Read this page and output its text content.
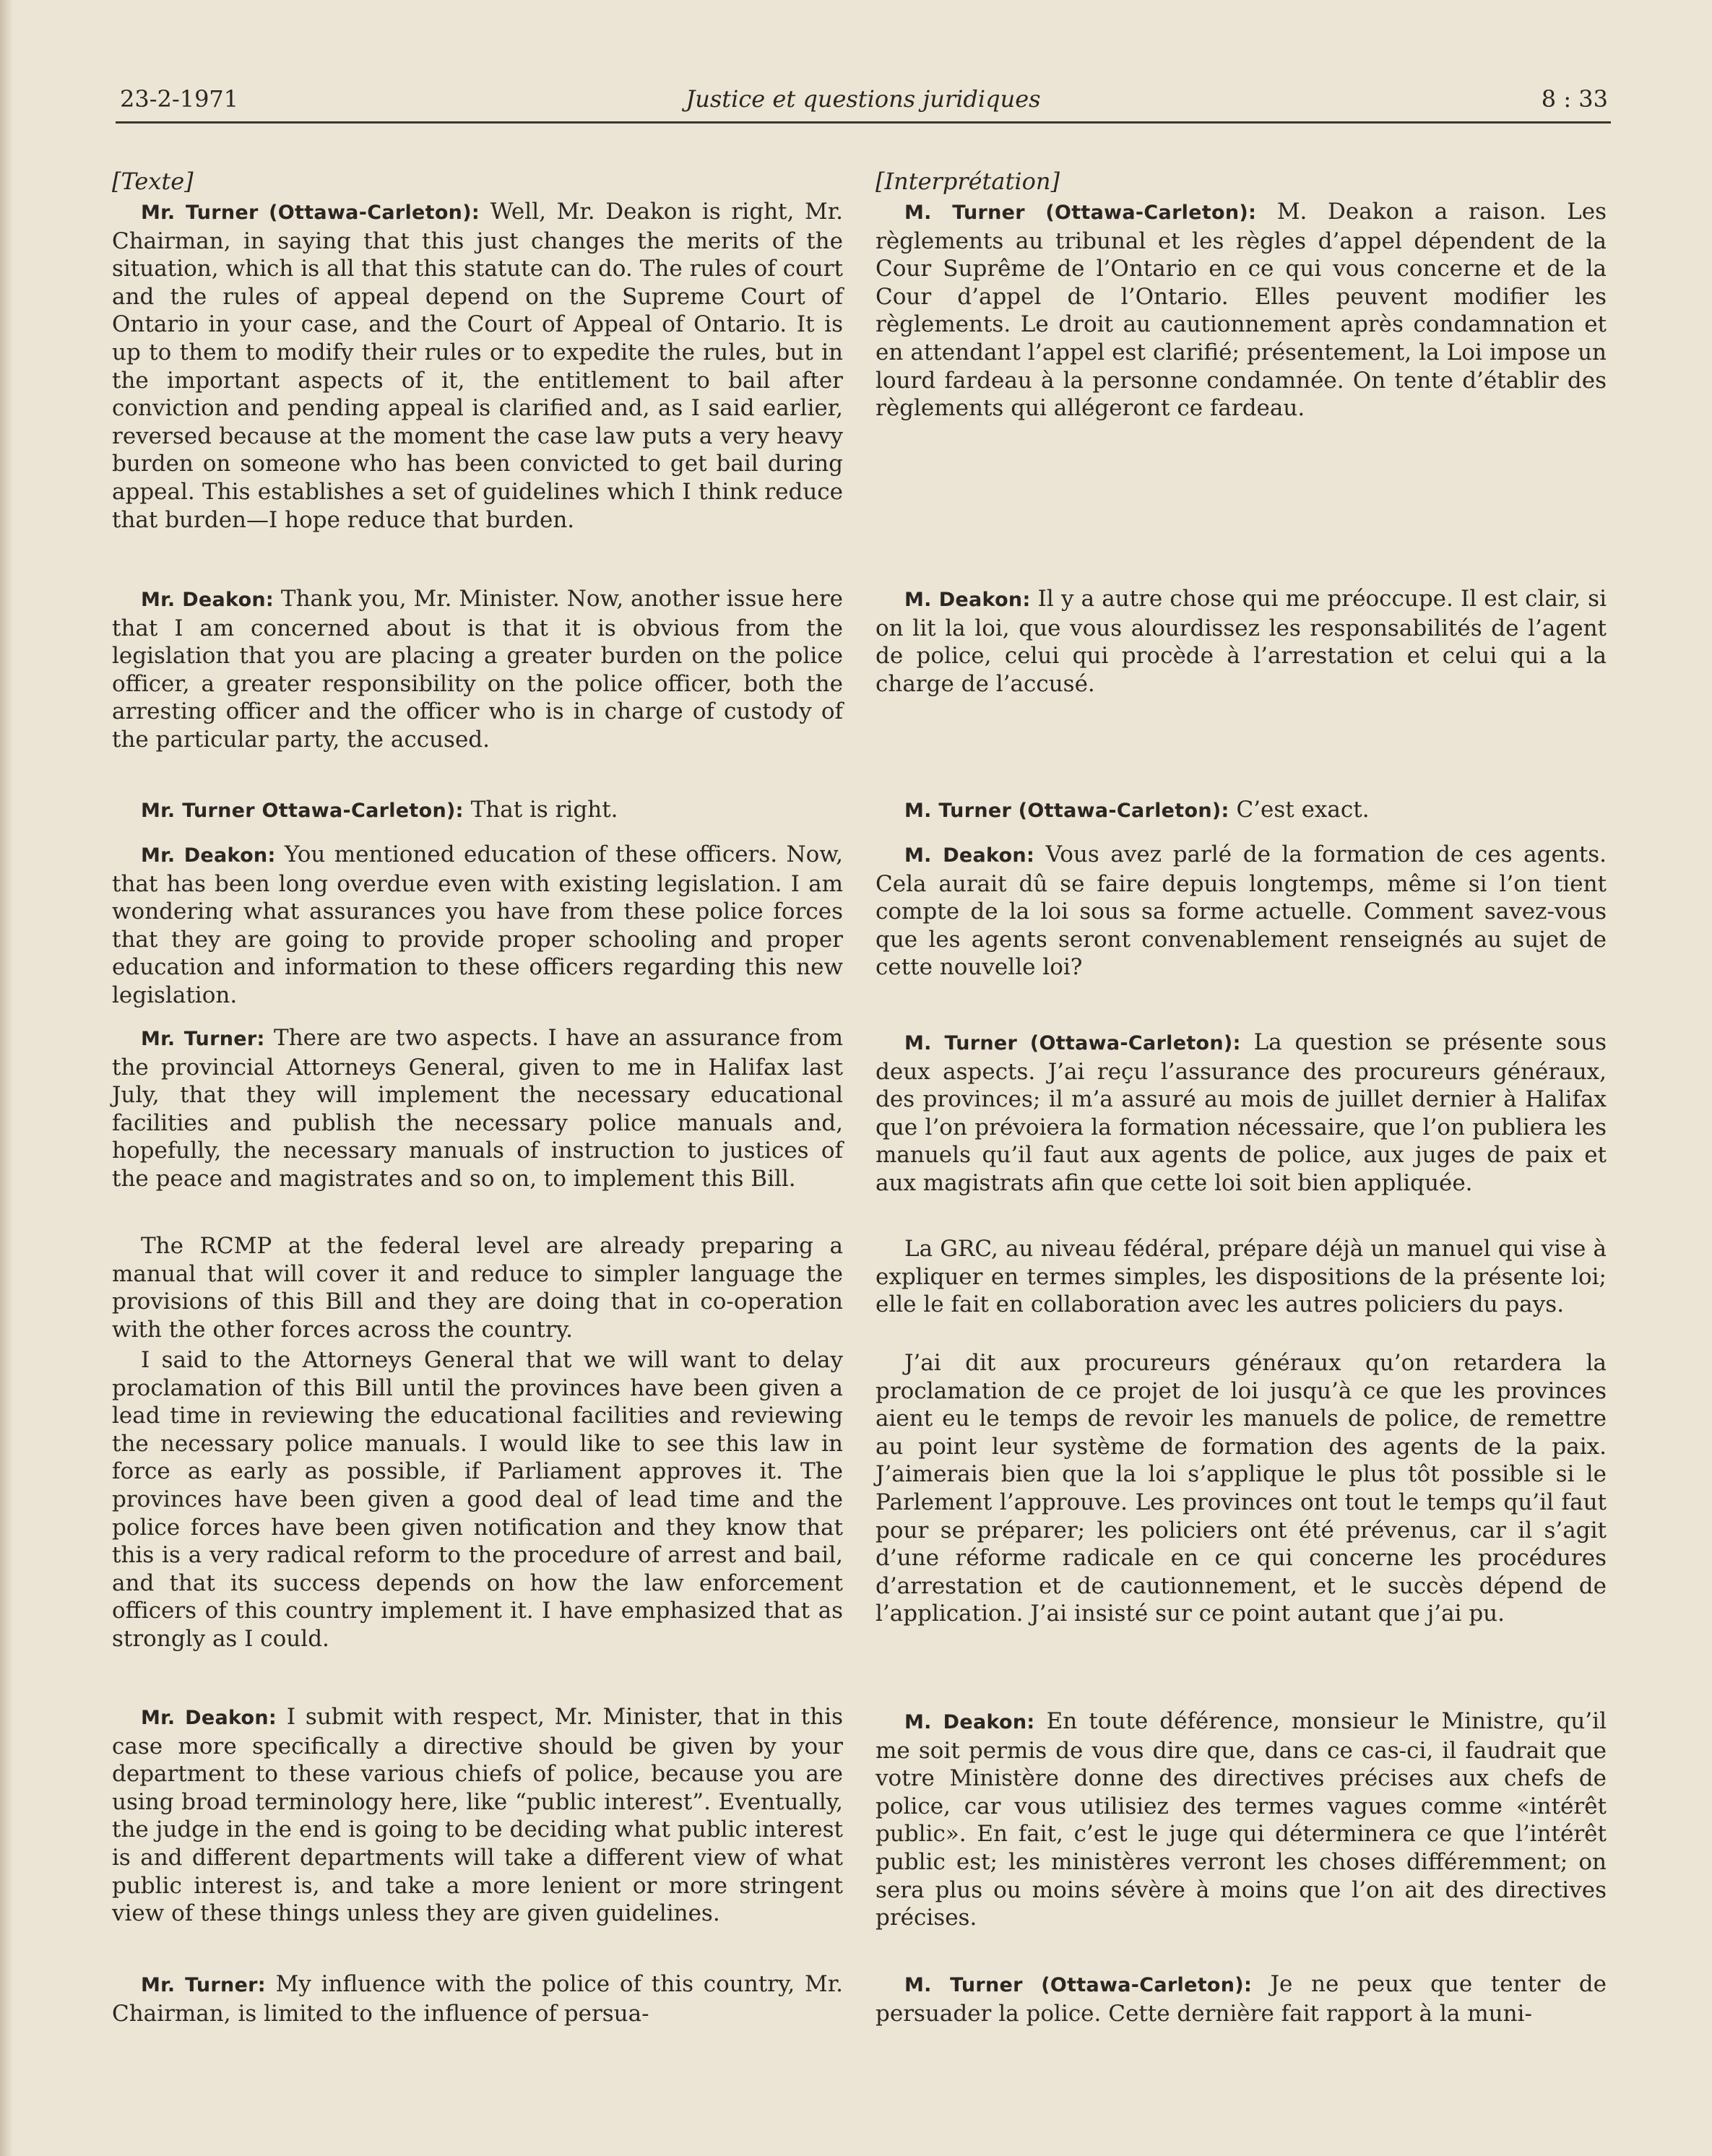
23-2-1971	Justice et questions juridiques	8 : 33
[Texte]

Mr. Turner (Ottawa-Carleton): Well, Mr. Deakon is right, Mr. Chairman, in saying that this just changes the merits of the situation, which is all that this statute can do. The rules of court and the rules of appeal depend on the Supreme Court of Ontario in your case, and the Court of Appeal of Ontario. It is up to them to modify their rules or to expedite the rules, but in the important aspects of it, the entitlement to bail after conviction and pending appeal is clarified and, as I said earlier, reversed because at the moment the case law puts a very heavy burden on someone who has been convicted to get bail during appeal. This establishes a set of guidelines which I think reduce that burden—I hope reduce that burden.

Mr. Deakon: Thank you, Mr. Minister. Now, another issue here that I am concerned about is that it is obvious from the legislation that you are placing a greater burden on the police officer, a greater responsibility on the police officer, both the arresting officer and the officer who is in charge of custody of the particular party, the accused.

Mr. Turner Ottawa-Carleton): That is right.

Mr. Deakon: You mentioned education of these officers. Now, that has been long overdue even with existing legislation. I am wondering what assurances you have from these police forces that they are going to provide proper schooling and proper education and information to these officers regarding this new legislation.

Mr. Turner: There are two aspects. I have an assurance from the provincial Attorneys General, given to me in Halifax last July, that they will implement the necessary educational facilities and publish the necessary police manuals and, hopefully, the necessary manuals of instruction to justices of the peace and magistrates and so on, to implement this Bill.

The RCMP at the federal level are already preparing a manual that will cover it and reduce to simpler language the provisions of this Bill and they are doing that in co-operation with the other forces across the country.

I said to the Attorneys General that we will want to delay proclamation of this Bill until the provinces have been given a lead time in reviewing the educational facilities and reviewing the necessary police manuals. I would like to see this law in force as early as possible, if Parliament approves it. The provinces have been given a good deal of lead time and the police forces have been given notification and they know that this is a very radical reform to the procedure of arrest and bail, and that its success depends on how the law enforcement officers of this country implement it. I have emphasized that as strongly as I could.

Mr. Deakon: I submit with respect, Mr. Minister, that in this case more specifically a directive should be given by your department to these various chiefs of police, because you are using broad terminology here, like “public interest”. Eventually, the judge in the end is going to be deciding what public interest is and different departments will take a different view of what public interest is, and take a more lenient or more stringent view of these things unless they are given guidelines.

Mr. Turner: My influence with the police of this country, Mr. Chairman, is limited to the influence of persua-

[Interprétation]

M. Turner (Ottawa-Carleton): M. Deakon a raison. Les règlements au tribunal et les règles d’appel dépendent de la Cour Suprême de l’Ontario en ce qui vous concerne et de la Cour d’appel de l’Ontario. Elles peuvent modifier les règlements. Le droit au cautionnement après condamnation et en attendant l’appel est clarifié; présentement, la Loi impose un lourd fardeau à la personne condamnée. On tente d’établir des règlements qui allégeront ce fardeau.

M. Deakon: Il y a autre chose qui me préoccupe. Il est clair, si on lit la loi, que vous alourdissez les responsabilités de l’agent de police, celui qui procède à l’arrestation et celui qui a la charge de l’accusé.

M. Turner (Ottawa-Carleton): C’est exact.

M. Deakon: Vous avez parlé de la formation de ces agents. Cela aurait dû se faire depuis longtemps, même si l’on tient compte de la loi sous sa forme actuelle. Comment savez-vous que les agents seront convenablement renseignés au sujet de cette nouvelle loi?

M. Turner (Ottawa-Carleton): La question se présente sous deux aspects. J’ai reçu l’assurance des procureurs généraux, des provinces; il m’a assuré au mois de juillet dernier à Halifax que l’on prévoiera la formation nécessaire, que l’on publiera les manuels qu’il faut aux agents de police, aux juges de paix et aux magistrats afin que cette loi soit bien appliquée.

La GRC, au niveau fédéral, prépare déjà un manuel qui vise à expliquer en termes simples, les dispositions de la présente loi; elle le fait en collaboration avec les autres policiers du pays.

J’ai dit aux procureurs généraux qu’on retardera la proclamation de ce projet de loi jusqu’à ce que les provinces aient eu le temps de revoir les manuels de police, de remettre au point leur système de formation des agents de la paix. J’aimerais bien que la loi s’applique le plus tôt possible si le Parlement l’approuve. Les provinces ont tout le temps qu’il faut pour se préparer; les policiers ont été prévenus, car il s’agit d’une réforme radicale en ce qui concerne les procédures d’arrestation et de cautionnement, et le succès dépend de l’application. J’ai insisté sur ce point autant que j’ai pu.

M. Deakon: En toute déférence, monsieur le Ministre, qu’il me soit permis de vous dire que, dans ce cas-ci, il faudrait que votre Ministère donne des directives précises aux chefs de police, car vous utilisiez des termes vagues comme «intérêt public». En fait, c’est le juge qui déterminera ce que l’intérêt public est; les ministères verront les choses différemment; on sera plus ou moins sévère à moins que l’on ait des directives précises.

M. Turner (Ottawa-Carleton): Je ne peux que tenter de persuader la police. Cette dernière fait rapport à la muni-
